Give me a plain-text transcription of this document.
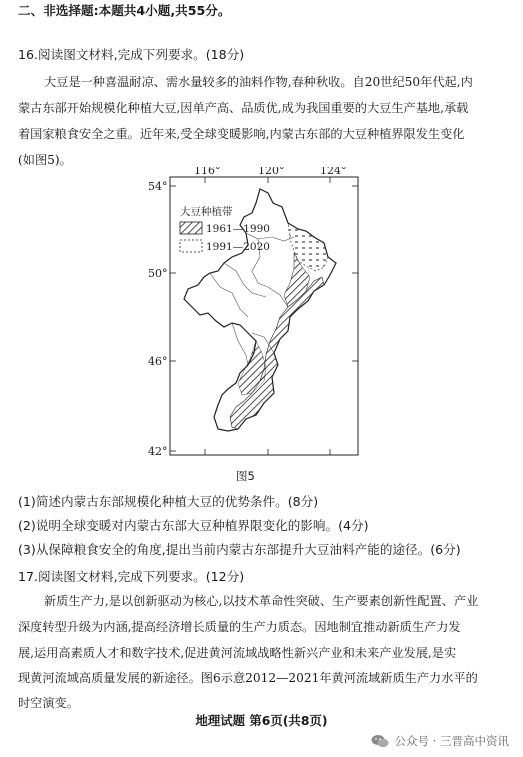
二、非选择题:本题共4小题,共55分。
16.阅读图文材料,完成下列要求。(18分)
大豆是一种喜温耐凉、需水量较多的油料作物,春种秋收。自20世纪50年代起,内
蒙古东部开始规模化种植大豆,因单产高、品质优,成为我国重要的大豆生产基地,承载
着国家粮食安全之重。近年来,受全球变暖影响,内蒙古东部的大豆种植界限发生变化
(如图5)。
116°	120°	124°
54°
50°
46°
42°
大豆种植带
1961—1990
1991—2020
图5
(1)简述内蒙古东部规模化种植大豆的优势条件。(8分)
(2)说明全球变暖对内蒙古东部大豆种植界限变化的影响。(4分)
(3)从保障粮食安全的角度,提出当前内蒙古东部提升大豆油料产能的途径。(6分)
17.阅读图文材料,完成下列要求。(12分)
新质生产力,是以创新驱动为核心,以技术革命性突破、生产要素创新性配置、产业
深度转型升级为内涵,提高经济增长质量的生产力质态。因地制宜推动新质生产力发
展,运用高素质人才和数字技术,促进黄河流域战略性新兴产业和未来产业发展,是实
现黄河流域高质量发展的新途径。图6示意2012—2021年黄河流域新质生产力水平的
时空演变。
地理试题 第6页(共8页)
公众号 · 三晋高中资讯
